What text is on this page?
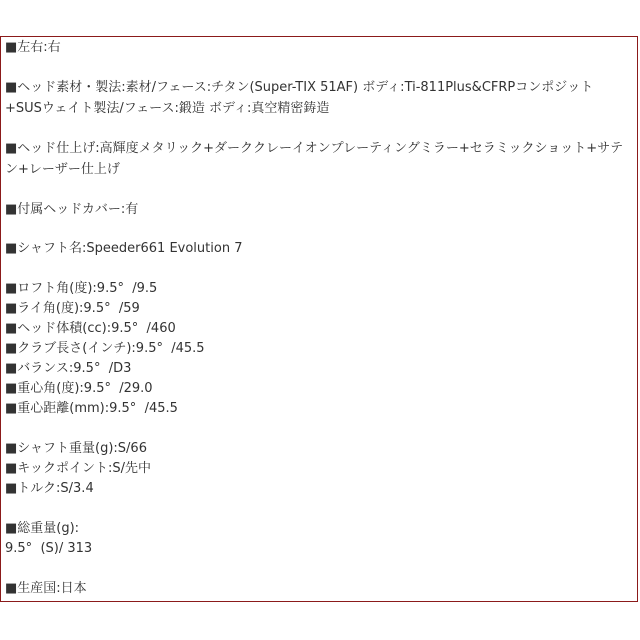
■左右:右
■ヘッド素材・製法:素材/フェース:チタン(Super-TIX 51AF) ボディ:Ti-811Plus&CFRPコンポジット
+SUSウェイト製法/フェース:鍛造 ボディ:真空精密鋳造
■ヘッド仕上げ:高輝度メタリック+ダーククレーイオンプレーティングミラー+セラミックショット+サテ
ン+レーザー仕上げ
■付属ヘッドカバー:有
■シャフト名:Speeder661 Evolution 7
■ロフト角(度):9.5°  /9.5
■ライ角(度):9.5°  /59
■ヘッド体積(cc):9.5°  /460
■クラブ長さ(インチ):9.5°  /45.5
■バランス:9.5°  /D3
■重心角(度):9.5°  /29.0
■重心距離(mm):9.5°  /45.5
■シャフト重量(g):S/66
■キックポイント:S/先中
■トルク:S/3.4
■総重量(g):
9.5°  (S)/ 313
■生産国:日本
